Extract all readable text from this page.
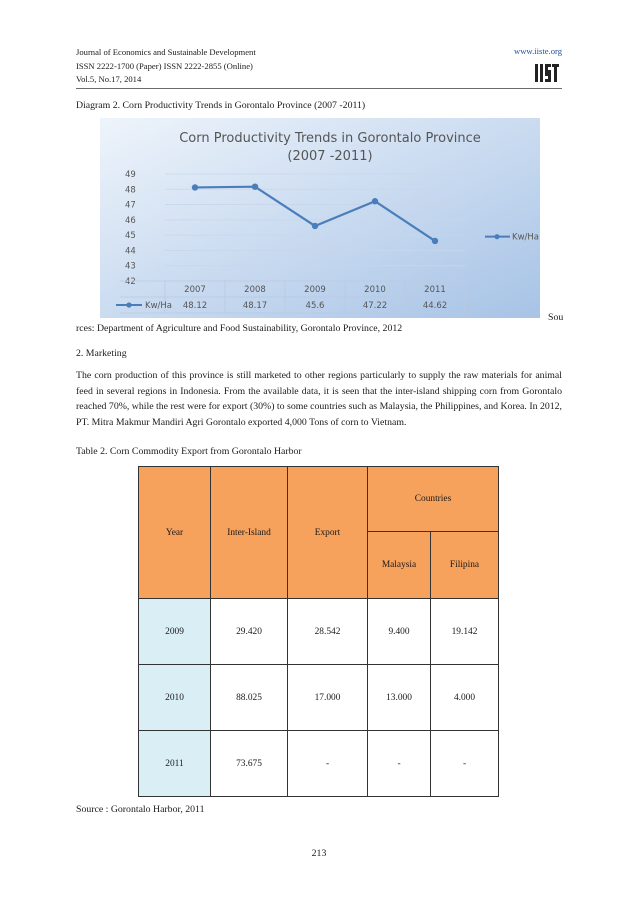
Journal of Economics and Sustainable Development
ISSN 2222-1700 (Paper) ISSN 2222-2855 (Online)
Vol.5, No.17, 2014
www.iiste.org
Diagram 2. Corn Productivity Trends in Gorontalo Province (2007 -2011)
Corn Productivity Trends in Gorontalo Province
(2007 -2011)
42
43
44
45
46
47
48
49
2007
48.12
2008
48.17
2009
45.6
2010
47.22
2011
44.62
Kw/Ha
Kw/Ha
Sou
rces: Department of Agriculture and Food Sustainability, Gorontalo Province, 2012
2. Marketing
The corn production of this province is still marketed to other regions particularly to supply the raw materials for animal feed in several regions in Indonesia. From the available data, it is seen that the inter-island shipping corn from Gorontalo reached 70%, while the rest were for export (30%) to some countries such as Malaysia, the Philippines, and Korea. In 2012, PT. Mitra Makmur Mandiri Agri Gorontalo exported 4,000 Tons of corn to Vietnam.
Table 2. Corn Commodity Export from Gorontalo Harbor
Year	Inter-Island	Export	Countries	
			Malaysia	Filipina
2009	29.420	28.542	9.400	19.142
2010	88.025	17.000	13.000	4.000
2011	73.675	-	-	-
Source : Gorontalo Harbor, 2011
213
